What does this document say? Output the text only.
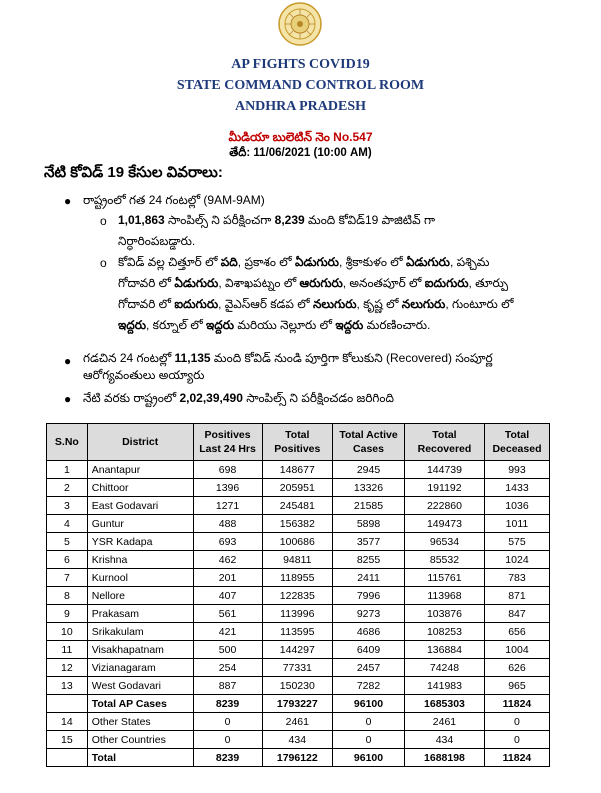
AP FIGHTS COVID19
STATE COMMAND CONTROL ROOM
ANDHRA PRADESH
మీడియా బులెటిన్ నెం No.547
తేదీ: 11/06/2021 (10:00 AM)
నేటి కోవిడ్ 19 కేసుల వివరాలు:
● రాష్ట్రంలో గత 24 గంటల్లో (9AM-9AM)
o 1,01,863 సాంపిల్స్ ని పరీక్షించగా 8,239 మంది కోవిడ్19 పాజిటివ్ గా
నిర్ధారింపబడ్డారు.
o కోవిడ్ వల్ల చిత్తూర్ లో పది, ప్రకాశం లో ఏడుగురు, శ్రీకాకుళం లో ఏడుగురు, పశ్చిమ
గోదావరి లో ఏడుగురు, విశాఖపట్నం లో ఆరుగురు, అనంతపూర్ లో ఐదుగురు, తూర్పు
గోదావరి లో ఐదుగురు, వైఎస్ఆర్ కడప లో నలుగురు, కృష్ణ లో నలుగురు, గుంటూరు లో
ఇద్దరు, కర్నూల్ లో ఇద్దరు మరియు నెల్లూరు లో ఇద్దరు మరణించారు.
● గడచిన 24 గంటల్లో 11,135 మంది కోవిడ్ నుండి పూర్తిగా కోలుకుని (Recovered) సంపూర్ణ
ఆరోగ్యవంతులు అయ్యారు
● నేటి వరకు రాష్ట్రంలో 2,02,39,490 సాంపిల్స్ ని పరీక్షించడం జరిగింది
S.No	District	Positives Last 24 Hrs	Total Positives	Total Active Cases	Total Recovered	Total Deceased
1	Anantapur	698	148677	2945	144739	993
2	Chittoor	1396	205951	13326	191192	1433
3	East Godavari	1271	245481	21585	222860	1036
4	Guntur	488	156382	5898	149473	1011
5	YSR Kadapa	693	100686	3577	96534	575
6	Krishna	462	94811	8255	85532	1024
7	Kurnool	201	118955	2411	115761	783
8	Nellore	407	122835	7996	113968	871
9	Prakasam	561	113996	9273	103876	847
10	Srikakulam	421	113595	4686	108253	656
11	Visakhapatnam	500	144297	6409	136884	1004
12	Vizianagaram	254	77331	2457	74248	626
13	West Godavari	887	150230	7282	141983	965
	Total AP Cases	8239	1793227	96100	1685303	11824
14	Other States	0	2461	0	2461	0
15	Other Countries	0	434	0	434	0
	Total	8239	1796122	96100	1688198	11824
